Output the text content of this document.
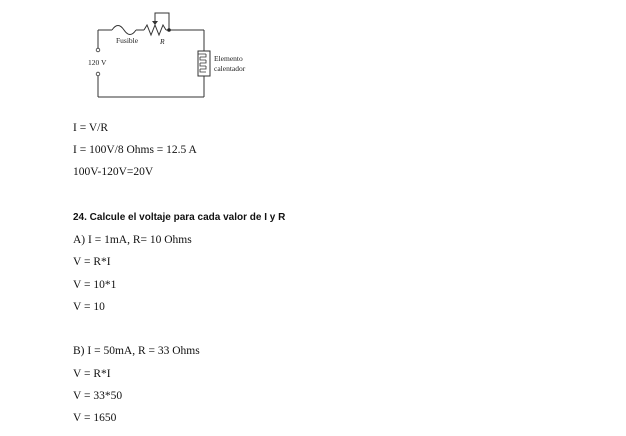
Fusible	R
120 V	Elemento
calentador
I = V/R
I = 100V/8 Ohms = 12.5 A
100V-120V=20V
24. Calcule el voltaje para cada valor de I y R
A) I = 1mA, R= 10 Ohms
V = R*I
V = 10*1
V = 10
B) I = 50mA, R = 33 Ohms
V = R*I
V = 33*50
V = 1650
